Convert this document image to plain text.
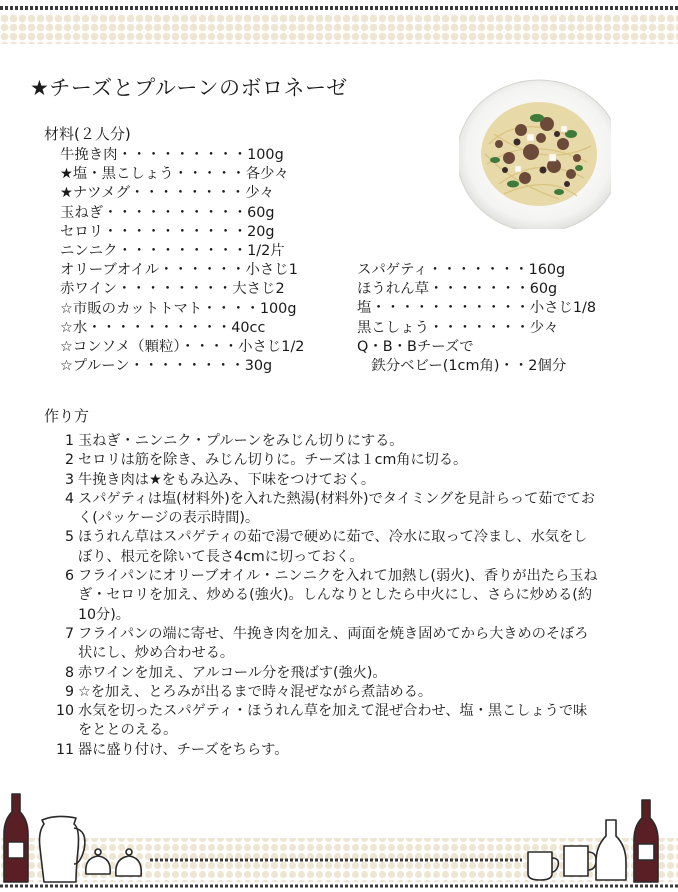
★チーズとプルーンのボロネーゼ
材料(２人分)
牛挽き肉・・・・・・・・・100g
★塩・黒こしょう・・・・・各少々
★ナツメグ・・・・・・・・少々
玉ねぎ・・・・・・・・・・60g
セロリ・・・・・・・・・・20g
ニンニク・・・・・・・・・1/2片
オリーブオイル・・・・・・小さじ1
赤ワイン・・・・・・・・大さじ2
☆市販のカットトマト・・・・100g
☆水・・・・・・・・・・40cc
☆コンソメ（顆粒）・・・・小さじ1/2
☆プルーン・・・・・・・・30g
スパゲティ・・・・・・・160g
ほうれん草・・・・・・・60g
塩・・・・・・・・・・・小さじ1/8
黒こしょう・・・・・・・少々
Q・B・Bチーズで
　鉄分ベビー(1cm角)・・2個分
作り方
1 玉ねぎ・ニンニク・プルーンをみじん切りにする。
2 セロリは筋を除き、みじん切りに。チーズは１cm角に切る。
3 牛挽き肉は★をもみ込み、下味をつけておく。
4 スパゲティは塩(材料外)を入れた熱湯(材料外)でタイミングを見計らって茹でてお
く(パッケージの表示時間)。
5 ほうれん草はスパゲティの茹で湯で硬めに茹で、冷水に取って冷まし、水気をし
ぼり、根元を除いて長さ4cmに切っておく。
6 フライパンにオリーブオイル・ニンニクを入れて加熱し(弱火)、香りが出たら玉ね
ぎ・セロリを加え、炒める(強火)。しんなりとしたら中火にし、さらに炒める(約
10分)。
7 フライパンの端に寄せ、牛挽き肉を加え、両面を焼き固めてから大きめのそぼろ
状にし、炒め合わせる。
8 赤ワインを加え、アルコール分を飛ばす(強火)。
9 ☆を加え、とろみが出るまで時々混ぜながら煮詰める。
10 水気を切ったスパゲティ・ほうれん草を加えて混ぜ合わせ、塩・黒こしょうで味
をととのえる。
11 器に盛り付け、チーズをちらす。
